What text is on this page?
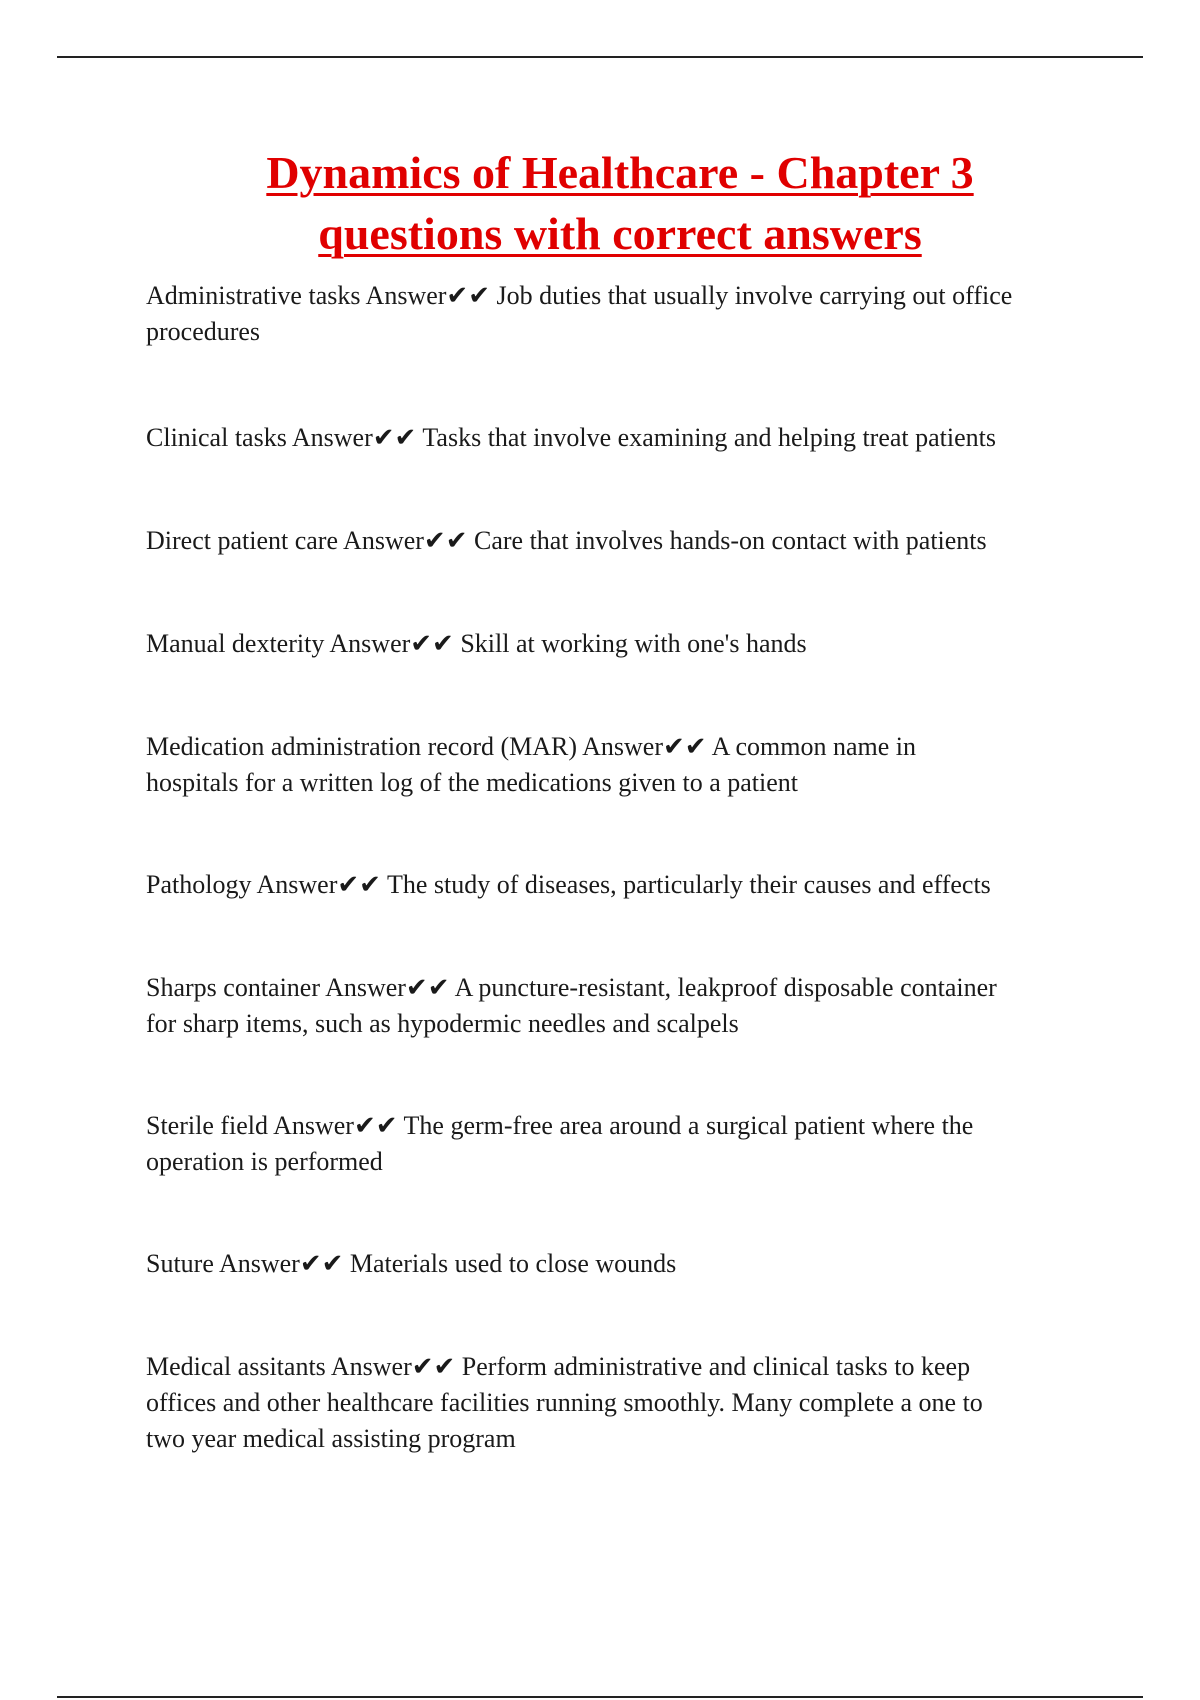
Dynamics of Healthcare - Chapter 3
questions with correct answers

Administrative tasks Answer✔✔ Job duties that usually involve carrying out office
procedures

Clinical tasks Answer✔✔ Tasks that involve examining and helping treat patients

Direct patient care Answer✔✔ Care that involves hands-on contact with patients

Manual dexterity Answer✔✔ Skill at working with one's hands

Medication administration record (MAR) Answer✔✔ A common name in
hospitals for a written log of the medications given to a patient

Pathology Answer✔✔ The study of diseases, particularly their causes and effects

Sharps container Answer✔✔ A puncture-resistant, leakproof disposable container
for sharp items, such as hypodermic needles and scalpels

Sterile field Answer✔✔ The germ-free area around a surgical patient where the
operation is performed

Suture Answer✔✔ Materials used to close wounds

Medical assitants Answer✔✔ Perform administrative and clinical tasks to keep
offices and other healthcare facilities running smoothly. Many complete a one to
two year medical assisting program
